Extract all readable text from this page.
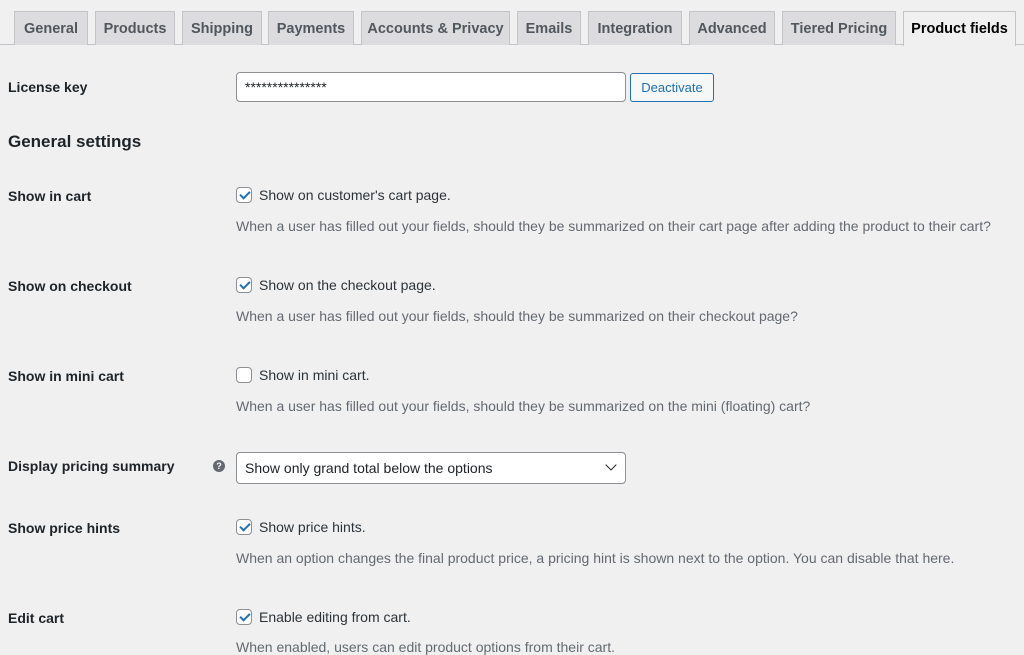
General	Products	Shipping	Payments	Accounts & Privacy	Emails	Integration	Advanced	Tiered Pricing	Product fields
License key	***************	Deactivate
General settings
Show in cart	Show on customer's cart page.
When a user has filled out your fields, should they be summarized on their cart page after adding the product to their cart?
Show on checkout	Show on the checkout page.
When a user has filled out your fields, should they be summarized on their checkout page?
Show in mini cart	Show in mini cart.
When a user has filled out your fields, should they be summarized on the mini (floating) cart?
Display pricing summary	? Show only grand total below the options
Show price hints	Show price hints.
When an option changes the final product price, a pricing hint is shown next to the option. You can disable that here.
Edit cart	Enable editing from cart.
When enabled, users can edit product options from their cart.
